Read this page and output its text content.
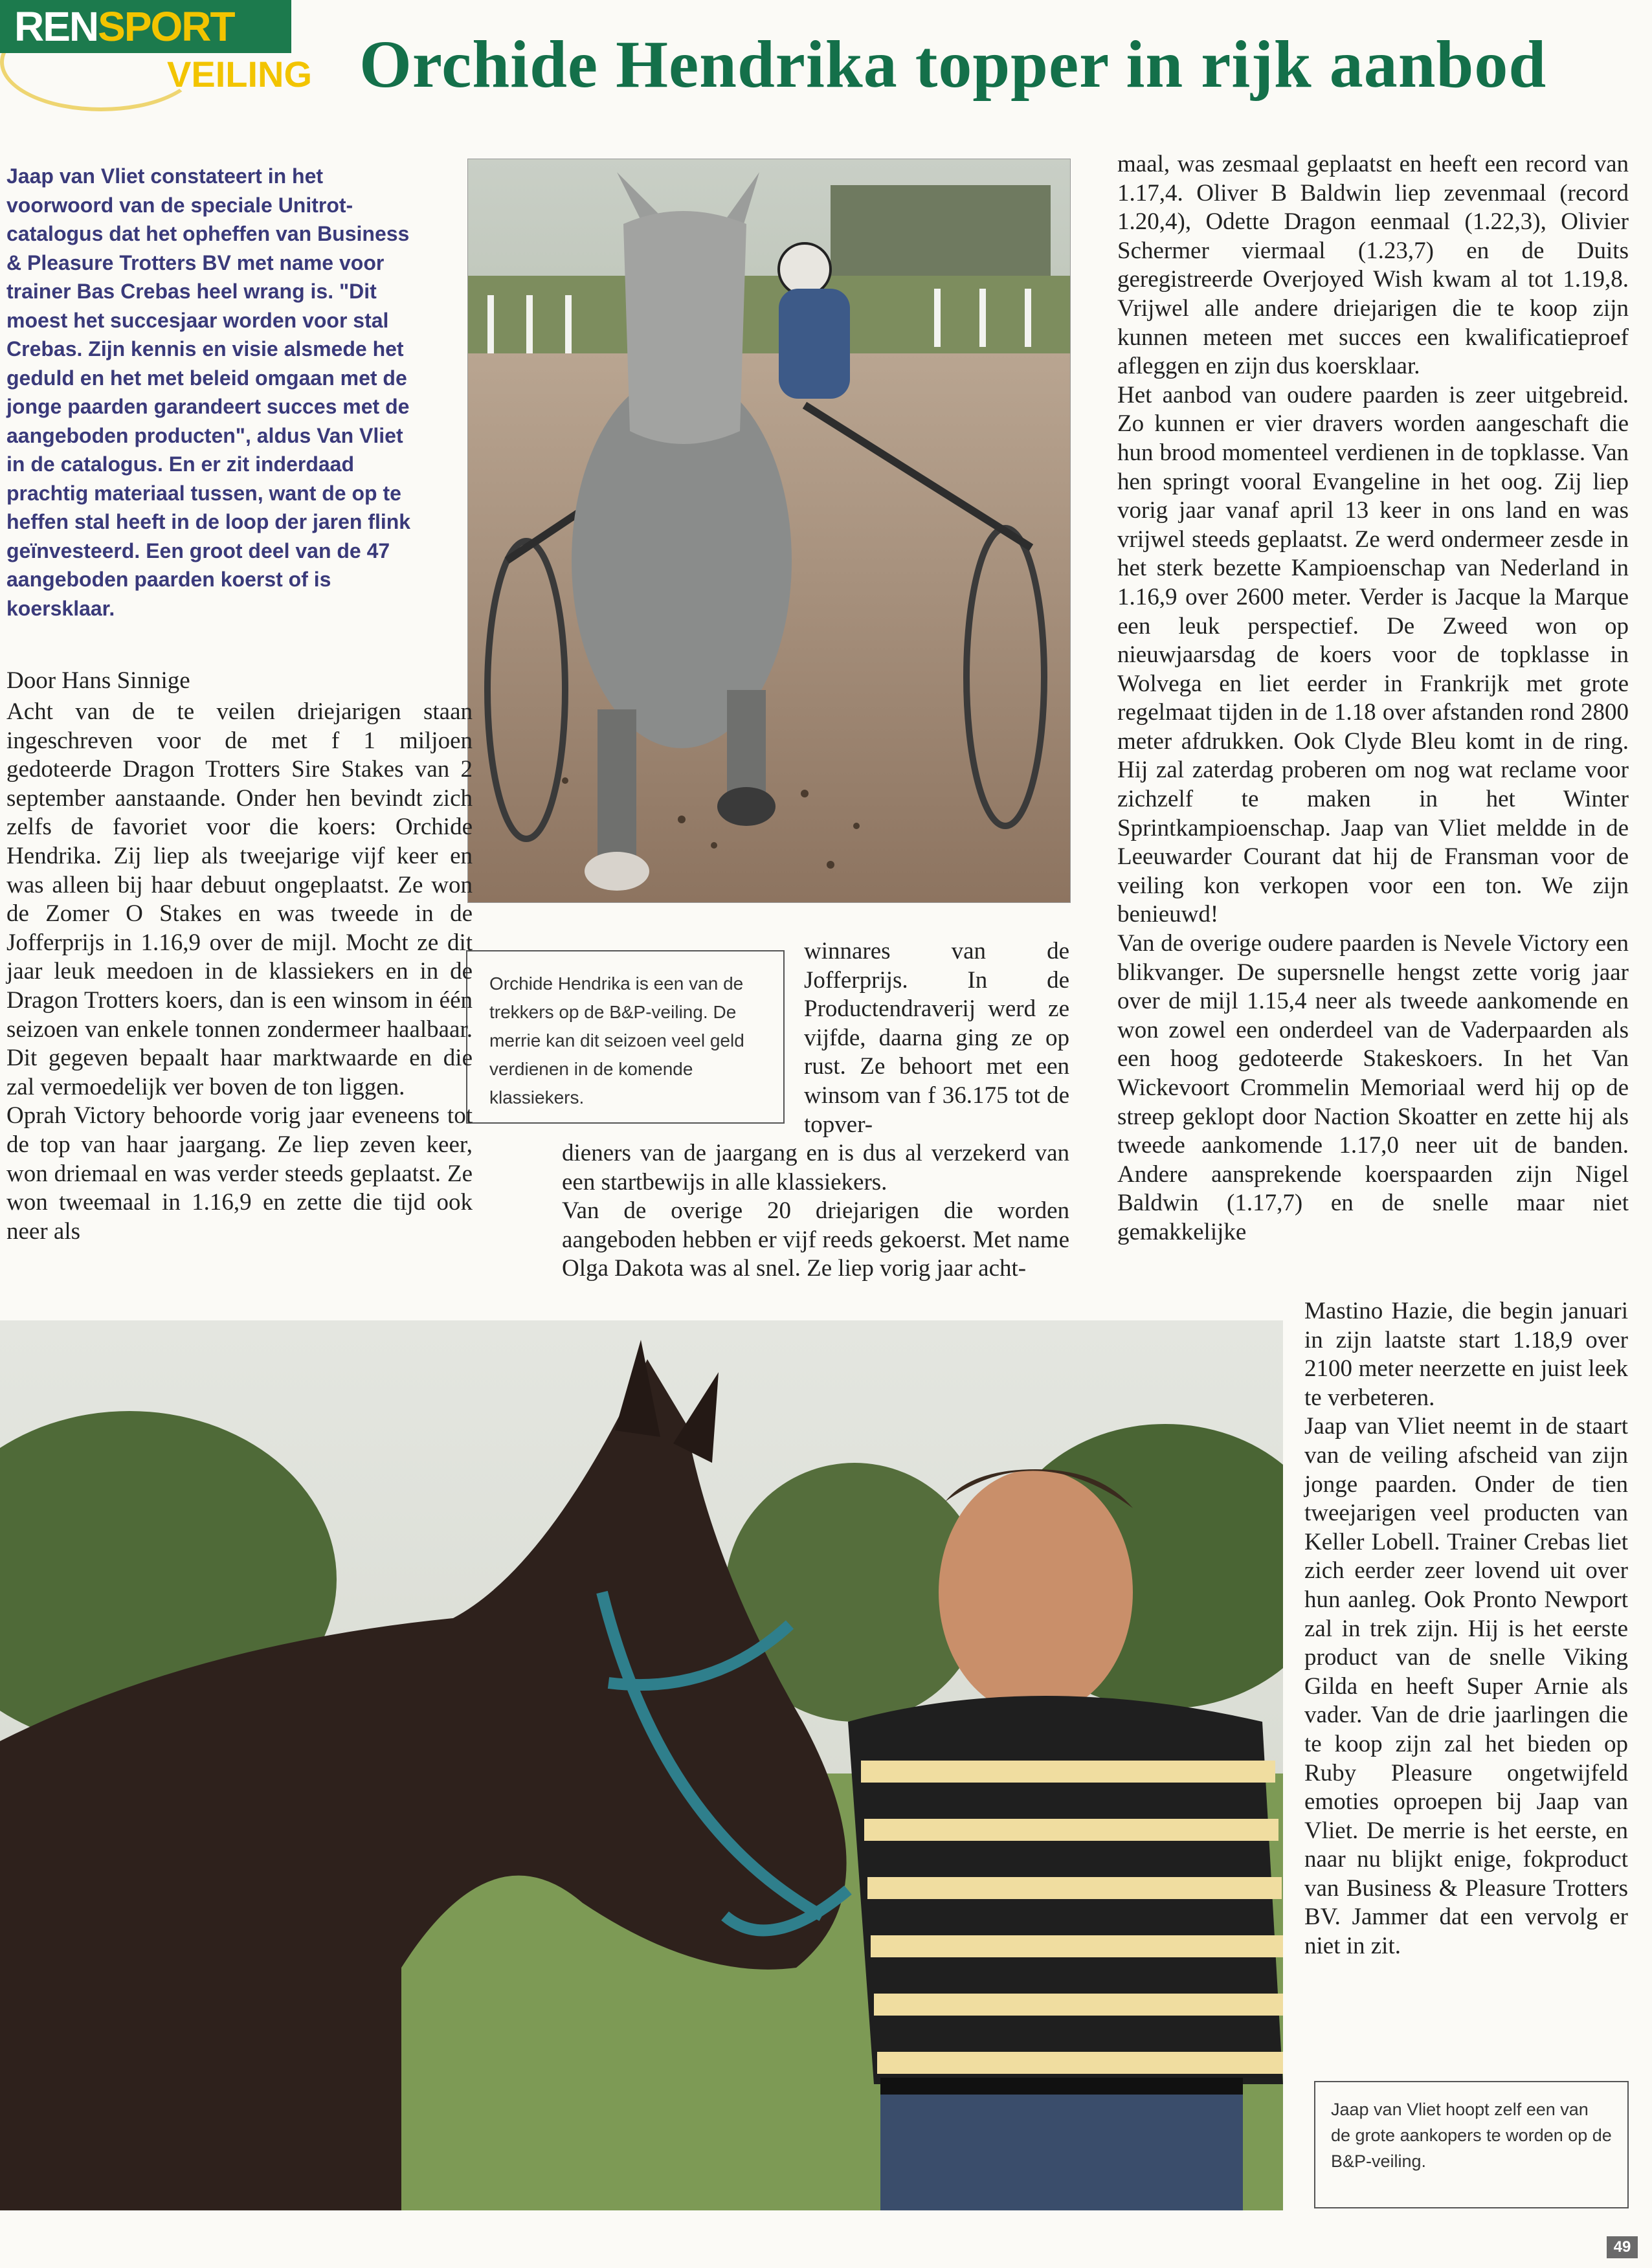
RENSPORT
VEILING Orchide Hendrika topper in rijk aanbod
Jaap van Vliet constateert in het voorwoord van de speciale Unitrot-catalogus dat het opheffen van Business & Pleasure Trotters BV met name voor trainer Bas Crebas heel wrang is. "Dit moest het succesjaar worden voor stal Crebas. Zijn kennis en visie alsmede het geduld en het met beleid omgaan met de jonge paarden garandeert succes met de aangeboden producten", aldus Van Vliet in de catalogus. En er zit inderdaad prachtig materiaal tussen, want de op te heffen stal heeft in de loop der jaren flink geïnvesteerd. Een groot deel van de 47 aangeboden paarden koerst of is koersklaar.
Orchide Hendrika is een van de trekkers op de B&P-veiling. De merrie kan dit seizoen veel geld verdienen in de komende klassiekers.
Door Hans Sinnige

Acht van de te veilen driejarigen staan ingeschreven voor de met f 1 miljoen gedoteerde Dragon Trotters Sire Stakes van 2 september aanstaande. Onder hen bevindt zich zelfs de favoriet voor die koers: Orchide Hendrika. Zij liep als tweejarige vijf keer en was alleen bij haar debuut ongeplaatst. Ze won de Zomer O Stakes en was tweede in de Jofferprijs in 1.16,9 over de mijl. Mocht ze dit jaar leuk meedoen in de klassiekers en in de Dragon Trotters koers, dan is een winsom in één seizoen van enkele tonnen zondermeer haalbaar. Dit gegeven bepaalt haar marktwaarde en die zal vermoedelijk ver boven de ton liggen.

Oprah Victory behoorde vorig jaar eveneens tot de top van haar jaargang. Ze liep zeven keer, won driemaal en was verder steeds geplaatst. Ze won tweemaal in 1.16,9 en zette die tijd ook neer als

winnares van de Jofferprijs. In de Productendraverij werd ze vijfde, daarna ging ze op rust. Ze behoort met een winsom van f 36.175 tot de topver-

dieners van de jaargang en is dus al verzekerd van een startbewijs in alle klassiekers.

Van de overige 20 driejarigen die worden aangeboden hebben er vijf reeds gekoerst. Met name Olga Dakota was al snel. Ze liep vorig jaar acht-

maal, was zesmaal geplaatst en heeft een record van 1.17,4. Oliver B Baldwin liep zevenmaal (record 1.20,4), Odette Dragon eenmaal (1.22,3), Olivier Schermer viermaal (1.23,7) en de Duits geregistreerde Overjoyed Wish kwam al tot 1.19,8. Vrijwel alle andere driejarigen die te koop zijn kunnen meteen met succes een kwalificatieproef afleggen en zijn dus koersklaar.

Het aanbod van oudere paarden is zeer uitgebreid. Zo kunnen er vier dravers worden aangeschaft die hun brood momenteel verdienen in de topklasse. Van hen springt vooral Evangeline in het oog. Zij liep vorig jaar vanaf april 13 keer in ons land en was vrijwel steeds geplaatst. Ze werd ondermeer zesde in het sterk bezette Kampioenschap van Nederland in 1.16,9 over 2600 meter. Verder is Jacque la Marque een leuk perspectief. De Zweed won op nieuwjaarsdag de koers voor de topklasse in Wolvega en liet eerder in Frankrijk met grote regelmaat tijden in de 1.18 over afstanden rond 2800 meter afdrukken. Ook Clyde Bleu komt in de ring. Hij zal zaterdag proberen om nog wat reclame voor zichzelf te maken in het Winter Sprintkampioenschap. Jaap van Vliet meldde in de Leeuwarder Courant dat hij de Fransman voor de veiling kon verkopen voor een ton. We zijn benieuwd!

Van de overige oudere paarden is Nevele Victory een blikvanger. De supersnelle hengst zette vorig jaar over de mijl 1.15,4 neer als tweede aankomende en won zowel een onderdeel van de Vaderpaarden als een hoog gedoteerde Stakeskoers. In het Van Wickevoort Crommelin Memoriaal werd hij op de streep geklopt door Naction Skoatter en zette hij als tweede aankomende 1.17,0 neer uit de banden. Andere aansprekende koerspaarden zijn Nigel Baldwin (1.17,7) en de snelle maar niet gemakkelijke

Mastino Hazie, die begin januari in zijn laatste start 1.18,9 over 2100 meter neerzette en juist leek te verbeteren.

Jaap van Vliet neemt in de staart van de veiling afscheid van zijn jonge paarden. Onder de tien tweejarigen veel producten van Keller Lobell. Trainer Crebas liet zich eerder zeer lovend uit over hun aanleg. Ook Pronto Newport zal in trek zijn. Hij is het eerste product van de snelle Viking Gilda en heeft Super Arnie als vader. Van de drie jaarlingen die te koop zijn zal het bieden op Ruby Pleasure ongetwijfeld emoties oproepen bij Jaap van Vliet. De merrie is het eerste, en naar nu blijkt enige, fokproduct van Business & Pleasure Trotters BV. Jammer dat een vervolg er niet in zit.

Jaap van Vliet hoopt zelf een van de grote aankopers te worden op de B&P-veiling.
49
